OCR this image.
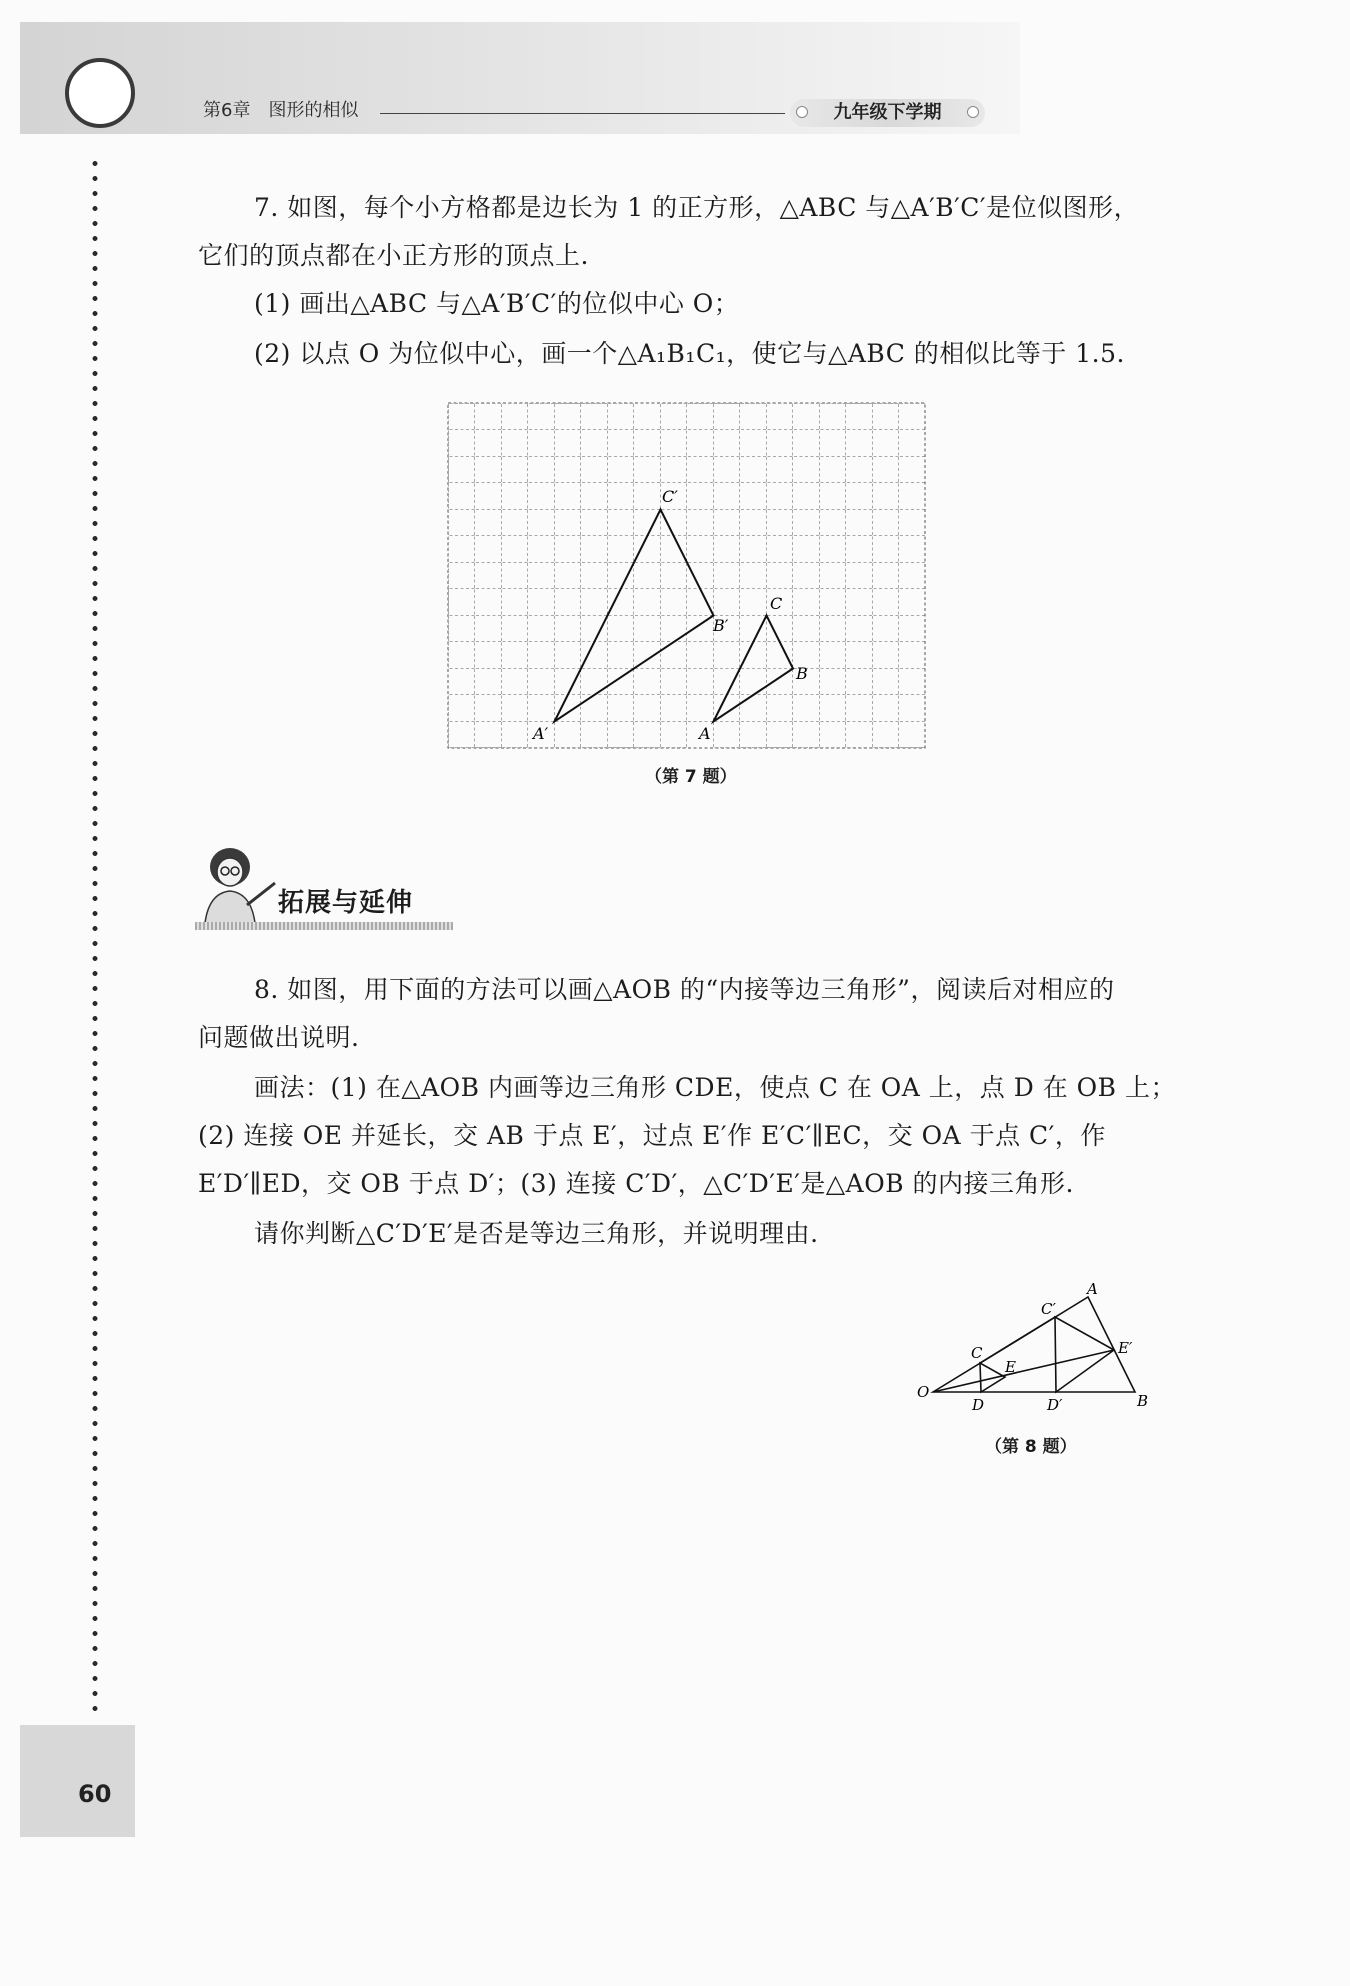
第6章 图形的相似	九年级下学期
7. 如图，每个小方格都是边长为 1 的正方形，△ABC 与△A′B′C′是位似图形，
它们的顶点都在小正方形的顶点上.
(1) 画出△ABC 与△A′B′C′的位似中心 O；
(2) 以点 O 为位似中心，画一个△A₁B₁C₁，使它与△ABC 的相似比等于 1.5.
C′
B′
A′
C
B
A
（第 7 题）
拓展与延伸
8. 如图，用下面的方法可以画△AOB 的“内接等边三角形”，阅读后对相应的
问题做出说明.
画法：(1) 在△AOB 内画等边三角形 CDE，使点 C 在 OA 上，点 D 在 OB 上；
(2) 连接 OE 并延长，交 AB 于点 E′，过点 E′作 E′C′∥EC，交 OA 于点 C′，作
E′D′∥ED，交 OB 于点 D′；(3) 连接 C′D′，△C′D′E′是△AOB 的内接三角形.
请你判断△C′D′E′是否是等边三角形，并说明理由.
O
A
B
C
D
E
C′
D′
E′
（第 8 题）
60
